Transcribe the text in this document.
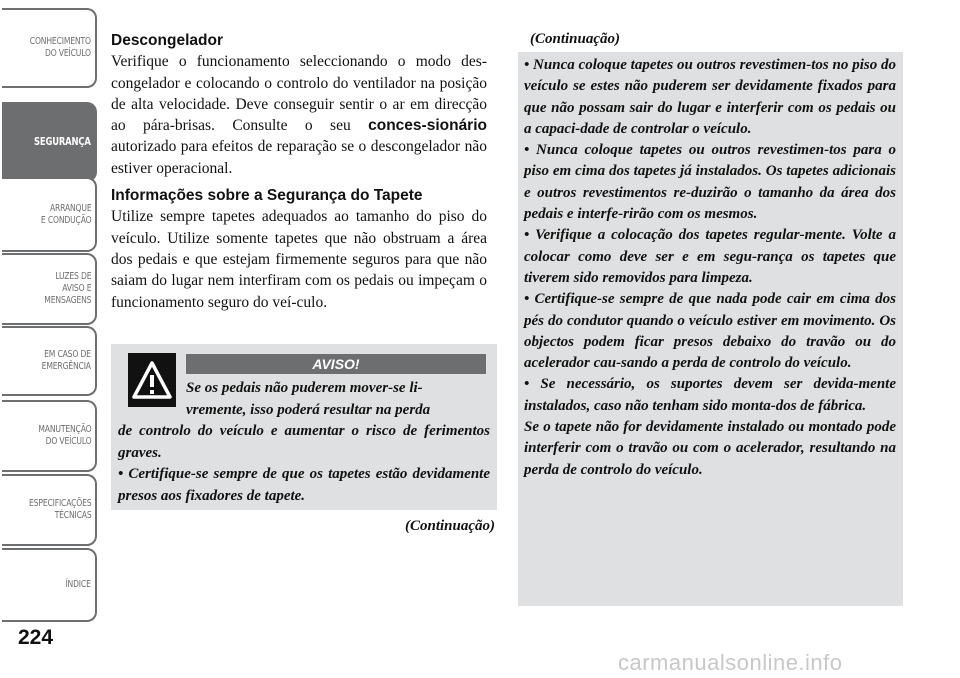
CONHECIMENTO
DO VEÍCULO
SEGURANÇA
ARRANQUE
E CONDUÇÃO
LUZES DE
AVISO E
MENSAGENS
EM CASO DE
EMERGÊNCIA
MANUTENÇÃO
DO VEÍCULO
ESPECIFICAÇÕES
TÉCNICAS
ÍNDICE
224
Descongelador

Verifique o funcionamento seleccionando o modo des-congelador e colocando o controlo do ventilador na posição de alta velocidade. Deve conseguir sentir o ar em direcção ao pára-brisas. Consulte o seu conces-sionário autorizado para efeitos de reparação se o descongelador não estiver operacional.

Informações sobre a Segurança do Tapete

Utilize sempre tapetes adequados ao tamanho do piso do veículo. Utilize somente tapetes que não obstruam a área dos pedais e que estejam firmemente seguros para que não saiam do lugar nem interfiram com os pedais ou impeçam o funcionamento seguro do veí-culo.

AVISO!
Se os pedais não puderem mover-se li-
vremente, isso poderá resultar na perda
de controlo do veículo e aumentar o risco de ferimentos graves.
• Certifique-se sempre de que os tapetes estão devidamente presos aos fixadores de tapete.
(Continuação)
(Continuação)

• Nunca coloque tapetes ou outros revestimen-tos no piso do veículo se estes não puderem ser devidamente fixados para que não possam sair do lugar e interferir com os pedais ou a capaci-dade de controlar o veículo.

• Nunca coloque tapetes ou outros revestimen-tos para o piso em cima dos tapetes já instalados. Os tapetes adicionais e outros revestimentos re-duzirão o tamanho da área dos pedais e interfe-rirão com os mesmos.

• Verifique a colocação dos tapetes regular-mente. Volte a colocar como deve ser e em segu-rança os tapetes que tiverem sido removidos para limpeza.

• Certifique-se sempre de que nada pode cair em cima dos pés do condutor quando o veículo estiver em movimento. Os objectos podem ficar presos debaixo do travão ou do acelerador cau-sando a perda de controlo do veículo.

• Se necessário, os suportes devem ser devida-mente instalados, caso não tenham sido monta-dos de fábrica.

Se o tapete não for devidamente instalado ou montado pode interferir com o travão ou com o acelerador, resultando na perda de controlo do veículo.

carmanualsonline.info
